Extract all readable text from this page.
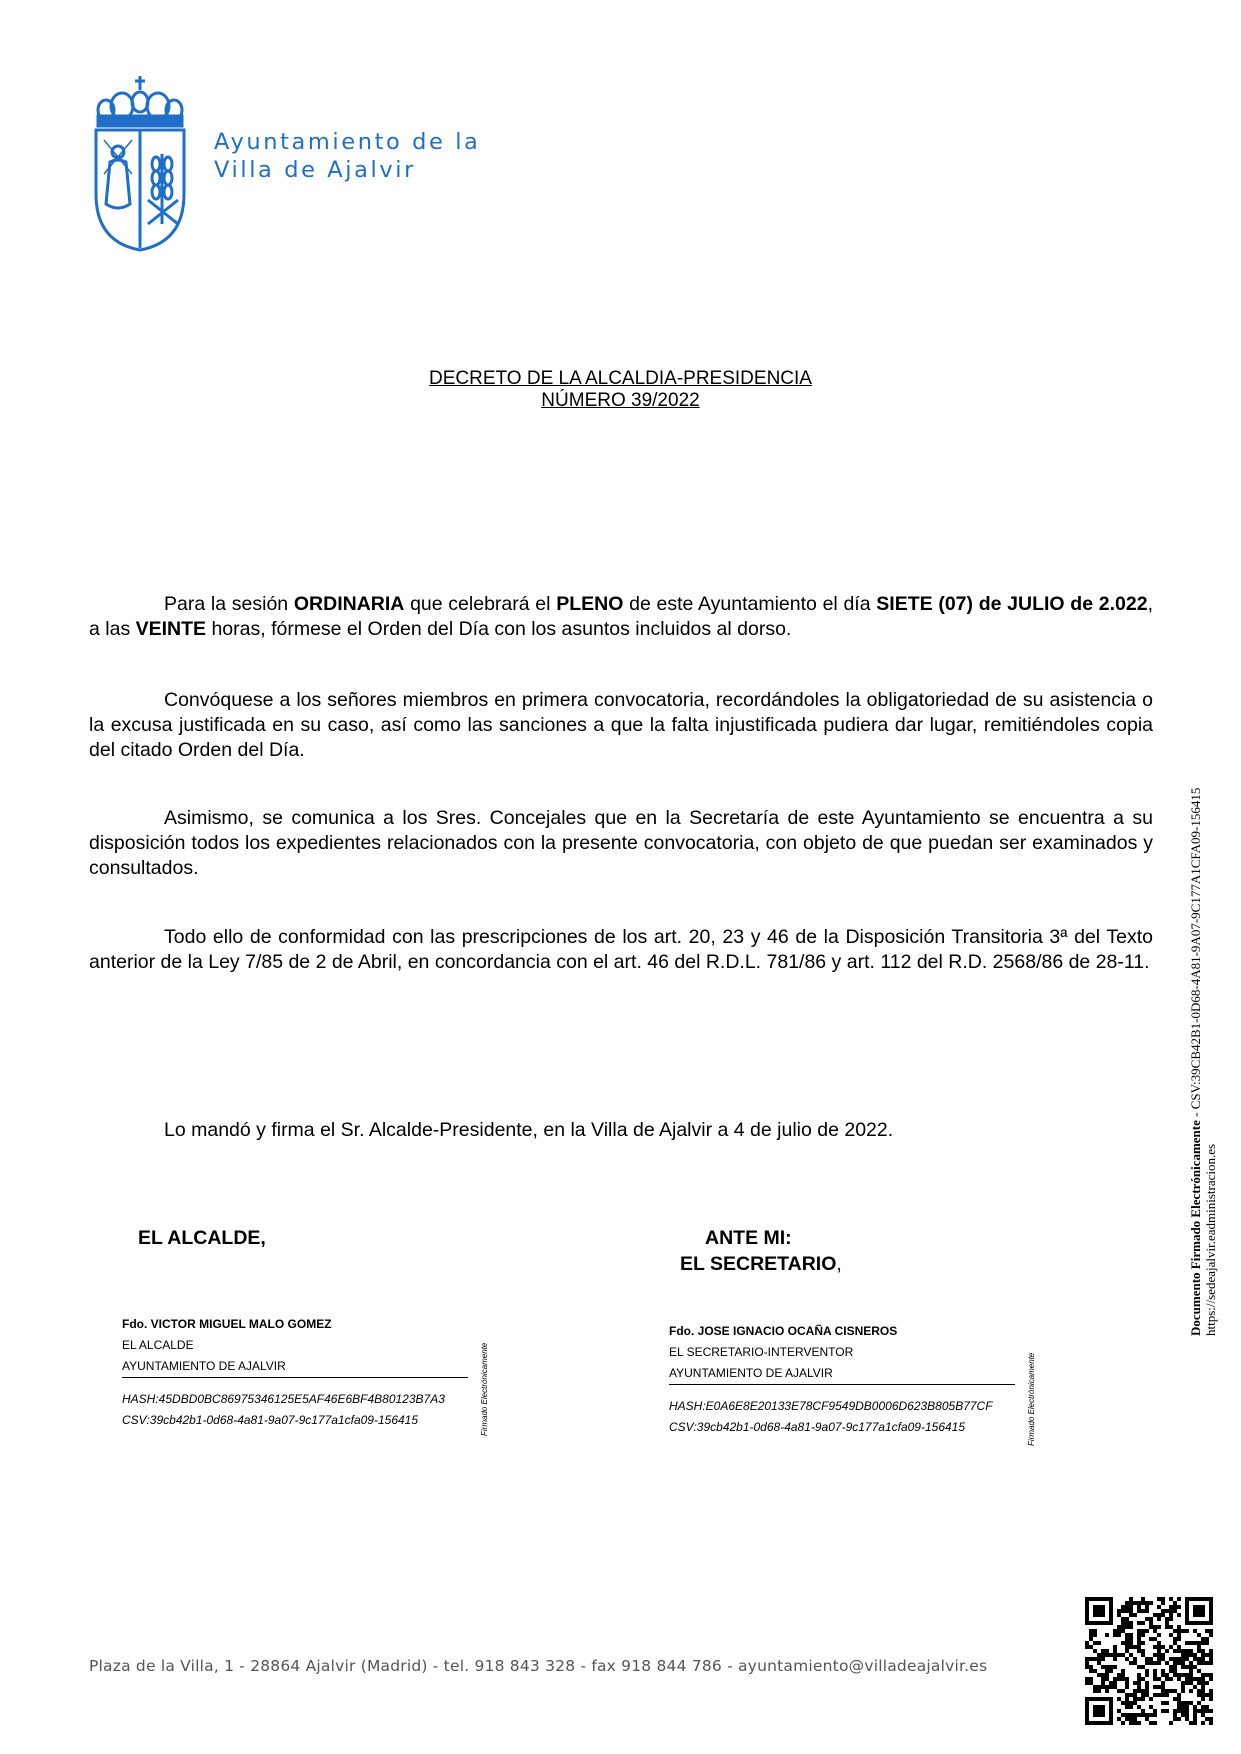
Ayuntamiento de la
Villa de Ajalvir
DECRETO DE LA ALCALDIA-PRESIDENCIA
NÚMERO 39/2022
Para la sesión ORDINARIA que celebrará el PLENO de este Ayuntamiento el día SIETE (07) de JULIO de 2.022, a las VEINTE horas, fórmese el Orden del Día con los asuntos incluidos al dorso.
Convóquese a los señores miembros en primera convocatoria, recordándoles la obligatoriedad de su asistencia o la excusa justificada en su caso, así como las sanciones a que la falta injustificada pudiera dar lugar, remitiéndoles copia del citado Orden del Día.
Asimismo, se comunica a los Sres. Concejales que en la Secretaría de este Ayuntamiento se encuentra a su disposición todos los expedientes relacionados con la presente convocatoria, con objeto de que puedan ser examinados y consultados.
Todo ello de conformidad con las prescripciones de los art. 20, 23 y 46 de la Disposición Transitoria 3ª del Texto anterior de la Ley 7/85 de 2 de Abril, en concordancia con el art. 46 del R.D.L. 781/86 y art. 112 del R.D. 2568/86 de 28-11.
Lo mandó y firma el Sr. Alcalde-Presidente, en la Villa de Ajalvir a 4 de julio de 2022.
EL ALCALDE,	ANTE MI:
EL SECRETARIO,
Fdo. VICTOR MIGUEL MALO GOMEZ
EL ALCALDE
AYUNTAMIENTO DE AJALVIR
HASH:45DBD0BC86975346125E5AF46E6BF4B80123B7A3
CSV:39cb42b1-0d68-4a81-9a07-9c177a1cfa09-156415	Firmado Electrónicamente
Fdo. JOSE IGNACIO OCAÑA CISNEROS
EL SECRETARIO-INTERVENTOR
AYUNTAMIENTO DE AJALVIR
HASH:E0A6E8E20133E78CF9549DB0006D623B805B77CF
CSV:39cb42b1-0d68-4a81-9a07-9c177a1cfa09-156415	Firmado Electrónicamente
Documento Firmado Electrónicamente - CSV:39CB42B1-0D68-4A81-9A07-9C177A1CFA09-156415
https://sedeajalvir.eadministracion.es
Plaza de la Villa, 1 - 28864 Ajalvir (Madrid) - tel. 918 843 328 - fax 918 844 786 - ayuntamiento@villadeajalvir.es
